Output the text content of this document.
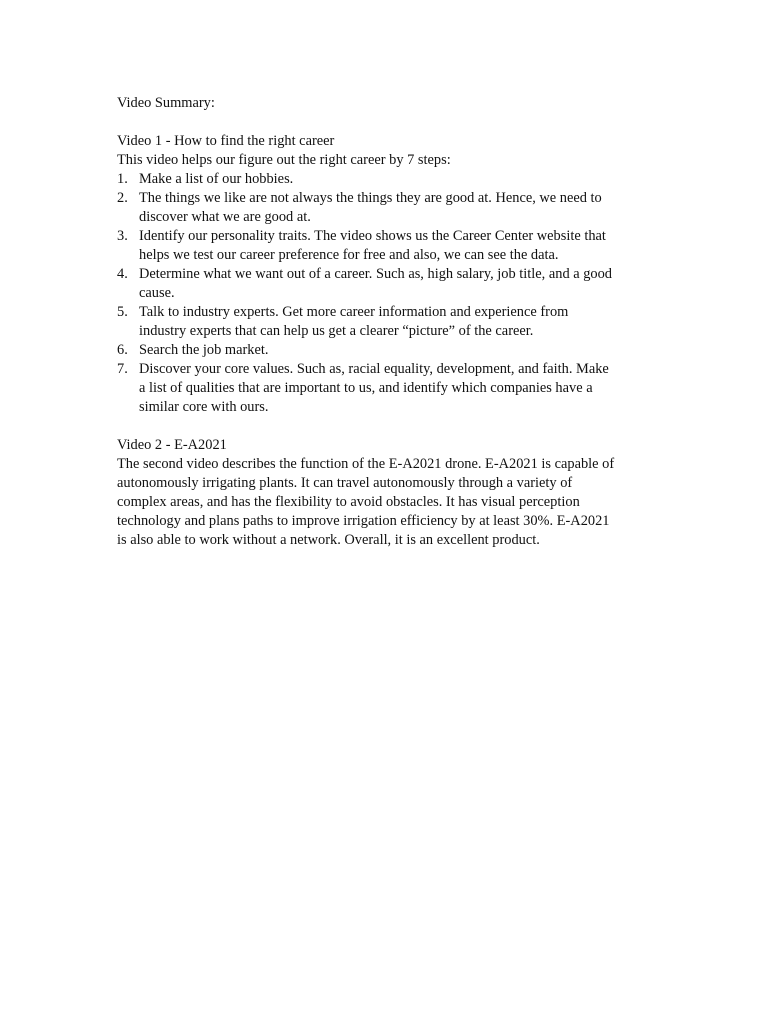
Video Summary:

Video 1 - How to find the right career

This video helps our figure out the right career by 7 steps:

1. Make a list of our hobbies.
2. The things we like are not always the things they are good at. Hence, we need to
discover what we are good at.
3. Identify our personality traits. The video shows us the Career Center website that
helps we test our career preference for free and also, we can see the data.
4. Determine what we want out of a career. Such as, high salary, job title, and a good
cause.
5. Talk to industry experts. Get more career information and experience from
industry experts that can help us get a clearer “picture” of the career.
6. Search the job market.
7. Discover your core values. Such as, racial equality, development, and faith. Make
a list of qualities that are important to us, and identify which companies have a
similar core with ours.

Video 2 - E-A2021

The second video describes the function of the E-A2021 drone. E-A2021 is capable of
autonomously irrigating plants. It can travel autonomously through a variety of
complex areas, and has the flexibility to avoid obstacles. It has visual perception
technology and plans paths to improve irrigation efficiency by at least 30%. E-A2021
is also able to work without a network. Overall, it is an excellent product.
